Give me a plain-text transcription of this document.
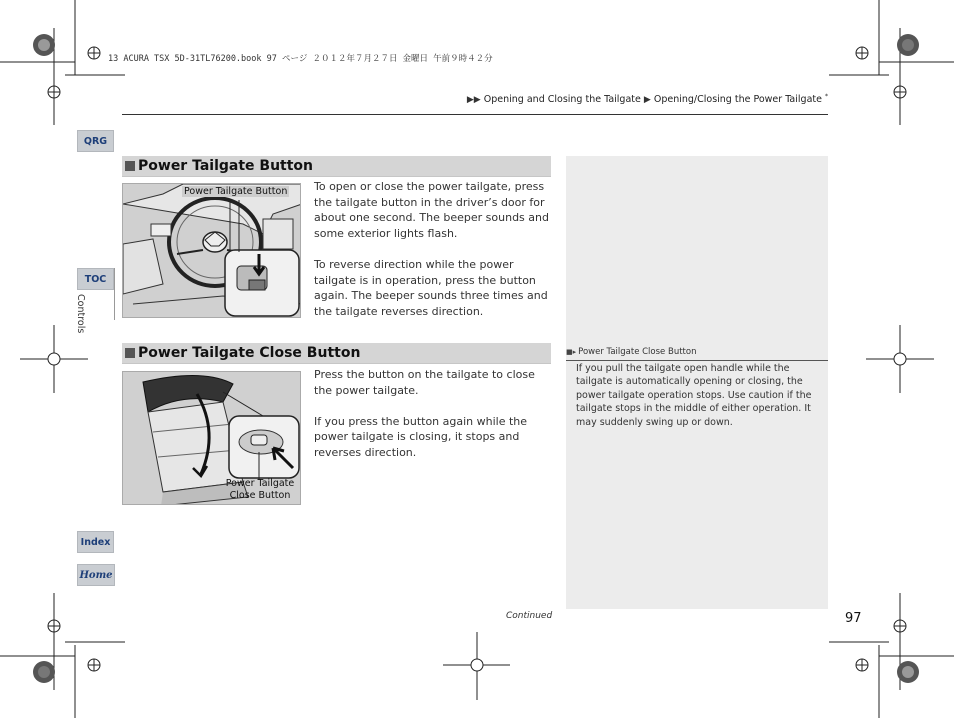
13 ACURA TSX 5D-31TL76200.book 97 ページ ２０１２年７月２７日 金曜日 午前９時４２分
▶▶ Opening and Closing the Tailgate ▶ Opening/Closing the Power Tailgate *
QRG
TOC
Controls
Index
Home
■▸ Power Tailgate Close Button
If you pull the tailgate open handle while the tailgate is automatically opening or closing, the power tailgate operation stops. Use caution if the tailgate stops in the middle of either operation. It may suddenly swing up or down.
Power Tailgate Button
Power Tailgate Button To open or close the power tailgate, press the tailgate button in the driver’s door for about one second. The beeper sounds and some exterior lights flash.

To reverse direction while the power tailgate is in operation, press the button again. The beeper sounds three times and the tailgate reverses direction.

Power Tailgate Close Button
Power Tailgate
Close Button

Press the button on the tailgate to close the power tailgate.

If you press the button again while the power tailgate is closing, it stops and reverses direction.

Continued	97
